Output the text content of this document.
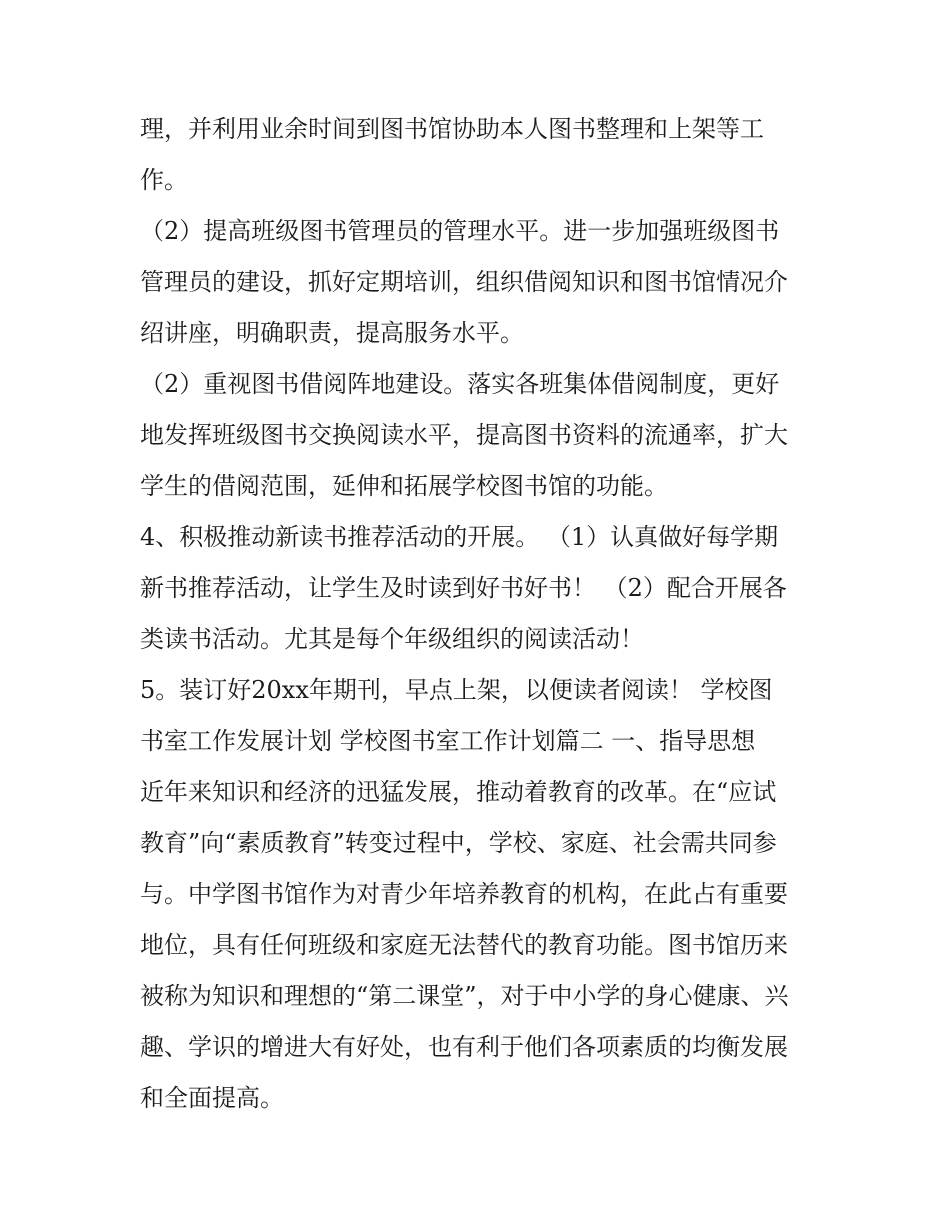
理，并利用业余时间到图书馆协助本人图书整理和上架等工
作。
（2）提高班级图书管理员的管理水平。进一步加强班级图书
管理员的建设，抓好定期培训，组织借阅知识和图书馆情况介
绍讲座，明确职责，提高服务水平。
（2）重视图书借阅阵地建设。落实各班集体借阅制度，更好
地发挥班级图书交换阅读水平，提高图书资料的流通率，扩大
学生的借阅范围，延伸和拓展学校图书馆的功能。
4、积极推动新读书推荐活动的开展。 （1）认真做好每学期
新书推荐活动，让学生及时读到好书好书！ （2）配合开展各
类读书活动。尤其是每个年级组织的阅读活动！
5。装订好20xx年期刊，早点上架，以便读者阅读！ 学校图
书室工作发展计划 学校图书室工作计划篇二 一、指导思想
近年来知识和经济的迅猛发展，推动着教育的改革。在“应试
教育”向“素质教育”转变过程中，学校、家庭、社会需共同参
与。中学图书馆作为对青少年培养教育的机构，在此占有重要
地位，具有任何班级和家庭无法替代的教育功能。图书馆历来
被称为知识和理想的“第二课堂”，对于中小学的身心健康、兴
趣、学识的增进大有好处，也有利于他们各项素质的均衡发展
和全面提高。
